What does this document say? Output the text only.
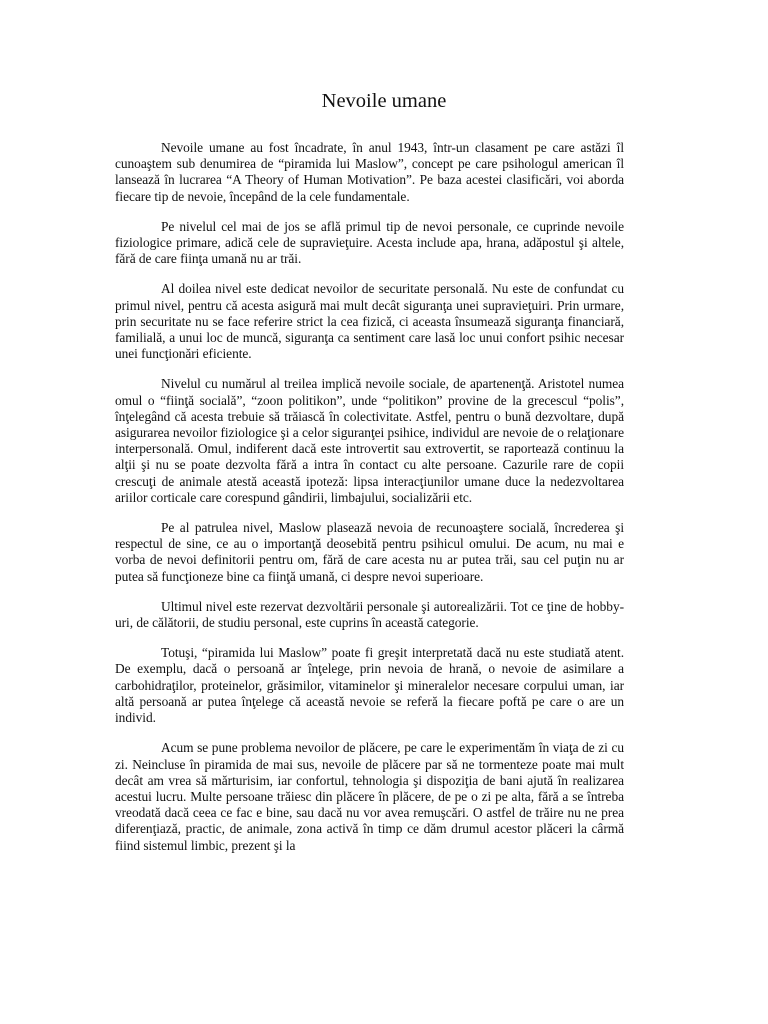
Nevoile umane

Nevoile umane au fost încadrate, în anul 1943, într-un clasament pe care astăzi îl cunoaştem sub denumirea de “piramida lui Maslow”, concept pe care psihologul american îl lansează în lucrarea “A Theory of Human Motivation”. Pe baza acestei clasificări, voi aborda fiecare tip de nevoie, începând de la cele fundamentale.

Pe nivelul cel mai de jos se află primul tip de nevoi personale, ce cuprinde nevoile fiziologice primare, adică cele de supravieţuire. Acesta include apa, hrana, adăpostul şi altele, fără de care fiinţa umană nu ar trăi.

Al doilea nivel este dedicat nevoilor de securitate personală. Nu este de confundat cu primul nivel, pentru că acesta asigură mai mult decât siguranţa unei supravieţuiri. Prin urmare, prin securitate nu se face referire strict la cea fizică, ci aceasta însumează siguranţa financiară, familială, a unui loc de muncă, siguranţa ca sentiment care lasă loc unui confort psihic necesar unei funcţionări eficiente.

Nivelul cu numărul al treilea implică nevoile sociale, de apartenenţă. Aristotel numea omul o “fiinţă socială”, “zoon politikon”, unde “politikon” provine de la grecescul “polis”, înţelegând că acesta trebuie să trăiască în colectivitate. Astfel, pentru o bună dezvoltare, după asigurarea nevoilor fiziologice şi a celor siguranţei psihice, individul are nevoie de o relaţionare interpersonală. Omul, indiferent dacă este introvertit sau extrovertit, se raportează continuu la alţii şi nu se poate dezvolta fără a intra în contact cu alte persoane. Cazurile rare de copii crescuţi de animale atestă această ipoteză: lipsa interacţiunilor umane duce la nedezvoltarea ariilor corticale care corespund gândirii, limbajului, socializării etc.

Pe al patrulea nivel, Maslow plasează nevoia de recunoaştere socială, încrederea şi respectul de sine, ce au o importanţă deosebită pentru psihicul omului. De acum, nu mai e vorba de nevoi definitorii pentru om, fără de care acesta nu ar putea trăi, sau cel puţin nu ar putea să funcţioneze bine ca fiinţă umană, ci despre nevoi superioare.

Ultimul nivel este rezervat dezvoltării personale şi autorealizării. Tot ce ţine de hobby-uri, de călătorii, de studiu personal, este cuprins în această categorie.

Totuşi, “piramida lui Maslow” poate fi greşit interpretată dacă nu este studiată atent. De exemplu, dacă o persoană ar înţelege, prin nevoia de hrană, o nevoie de asimilare a carbohidraţilor, proteinelor, grăsimilor, vitaminelor şi mineralelor necesare corpului uman, iar altă persoană ar putea înţelege că această nevoie se referă la fiecare poftă pe care o are un individ.

Acum se pune problema nevoilor de plăcere, pe care le experimentăm în viaţa de zi cu zi. Neincluse în piramida de mai sus, nevoile de plăcere par să ne tormenteze poate mai mult decât am vrea să mărturisim, iar confortul, tehnologia şi dispoziţia de bani ajută în realizarea acestui lucru. Multe persoane trăiesc din plăcere în plăcere, de pe o zi pe alta, fără a se întreba vreodată dacă ceea ce fac e bine, sau dacă nu vor avea remuşcări. O astfel de trăire nu ne prea diferenţiază, practic, de animale, zona activă în timp ce dăm drumul acestor plăceri la cârmă fiind sistemul limbic, prezent şi la
